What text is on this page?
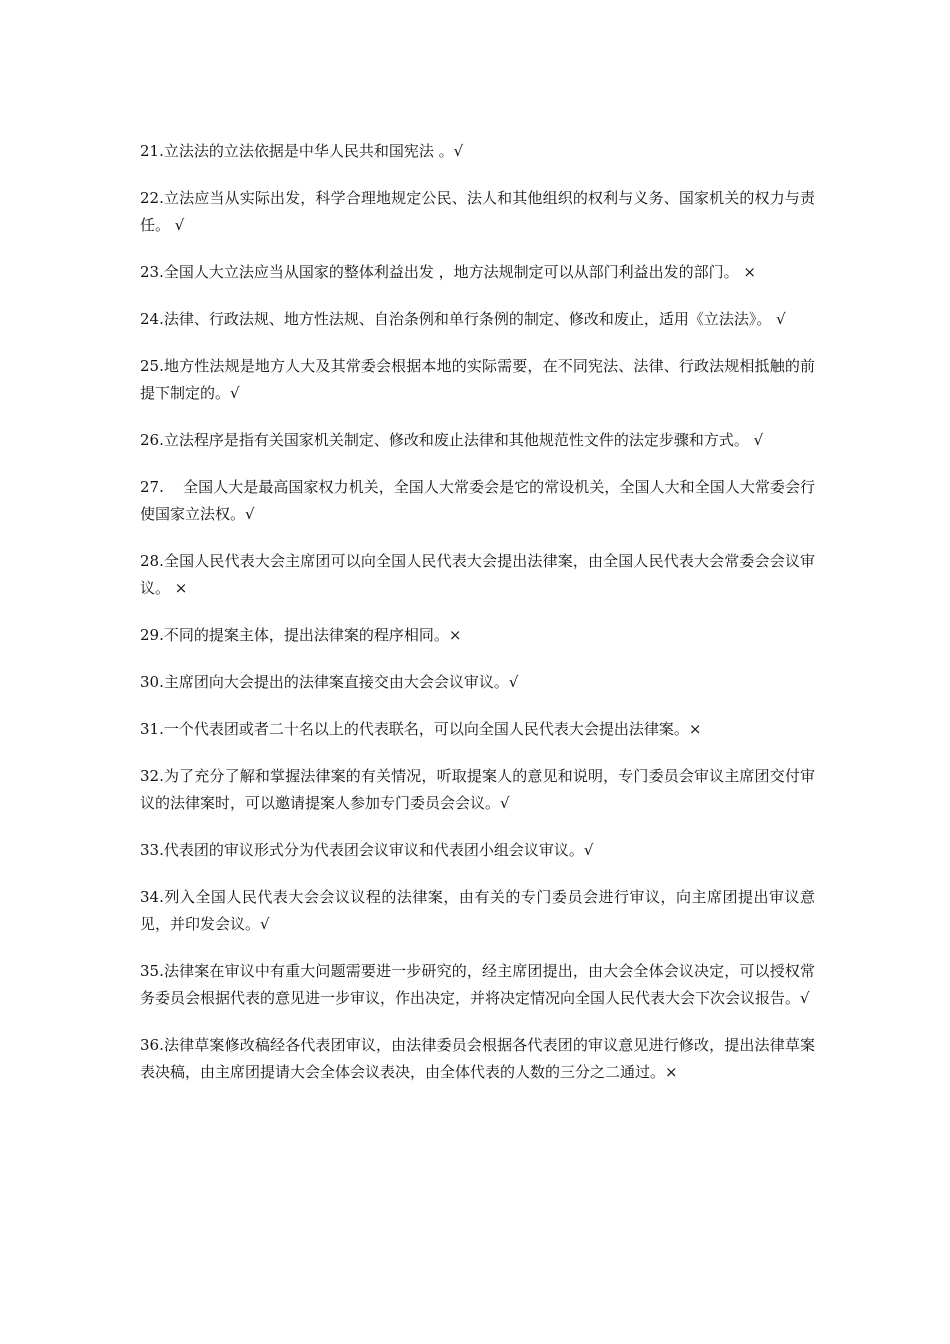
21.立法法的立法依据是中华人民共和国宪法 。√

22.立法应当从实际出发，科学合理地规定公民、法人和其他组织的权利与义务、国家机关的权力与责任。 √

23.全国人大立法应当从国家的整体利益出发 ，地方法规制定可以从部门利益出发的部门。 ×

24.法律、行政法规、地方性法规、自治条例和单行条例的制定、修改和废止，适用《立法法》。 √

25.地方性法规是地方人大及其常委会根据本地的实际需要，在不同宪法、法律、行政法规相抵触的前提下制定的。√

26.立法程序是指有关国家机关制定、修改和废止法律和其他规范性文件的法定步骤和方式。 √

27.    全国人大是最高国家权力机关，全国人大常委会是它的常设机关，全国人大和全国人大常委会行使国家立法权。√

28.全国人民代表大会主席团可以向全国人民代表大会提出法律案，由全国人民代表大会常委会会议审议。 ×

29.不同的提案主体，提出法律案的程序相同。×

30.主席团向大会提出的法律案直接交由大会会议审议。√

31.一个代表团或者二十名以上的代表联名，可以向全国人民代表大会提出法律案。×

32.为了充分了解和掌握法律案的有关情况，听取提案人的意见和说明，专门委员会审议主席团交付审议的法律案时，可以邀请提案人参加专门委员会会议。√

33.代表团的审议形式分为代表团会议审议和代表团小组会议审议。√

34.列入全国人民代表大会会议议程的法律案，由有关的专门委员会进行审议，向主席团提出审议意见，并印发会议。√

35.法律案在审议中有重大问题需要进一步研究的，经主席团提出，由大会全体会议决定，可以授权常务委员会根据代表的意见进一步审议，作出决定，并将决定情况向全国人民代表大会下次会议报告。√

36.法律草案修改稿经各代表团审议，由法律委员会根据各代表团的审议意见进行修改，提出法律草案表决稿，由主席团提请大会全体会议表决，由全体代表的人数的三分之二通过。×
